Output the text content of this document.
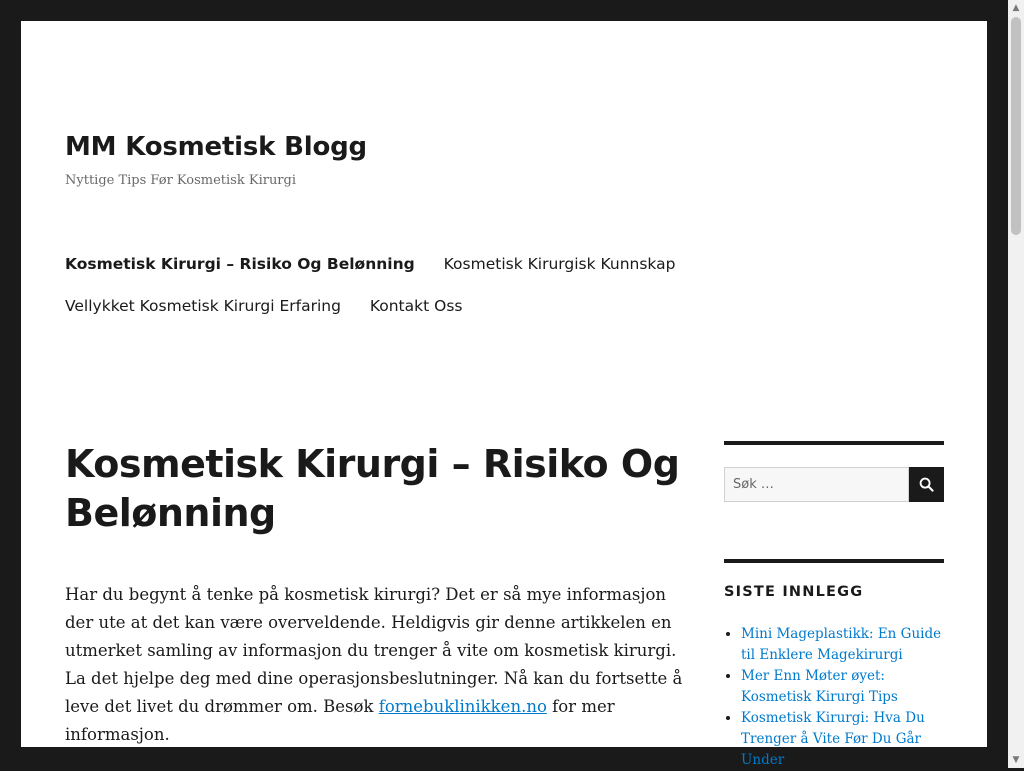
MM Kosmetisk Blogg
Nyttige Tips Før Kosmetisk Kirurgi
Kosmetisk Kirurgi – Risiko Og Belønning Kosmetisk Kirurgisk Kunnskap
Vellykket Kosmetisk Kirurgi Erfaring Kontakt Oss
Kosmetisk Kirurgi – Risiko Og Belønning

Har du begynt å tenke på kosmetisk kirurgi? Det er så mye informasjon der ute at det kan være overveldende. Heldigvis gir denne artikkelen en utmerket samling av informasjon du trenger å vite om kosmetisk kirurgi. La det hjelpe deg med dine operasjonsbeslutninger. Nå kan du fortsette å leve det livet du drømmer om. Besøk fornebuklinikken.no for mer informasjon.

Søk …
SISTE INNLEGG
• Mini Mageplastikk: En Guide til Enklere Magekirurgi
• Mer Enn Møter øyet: Kosmetisk Kirurgi Tips
• Kosmetisk Kirurgi: Hva Du Trenger å Vite Før Du Går Under
▲
▼
